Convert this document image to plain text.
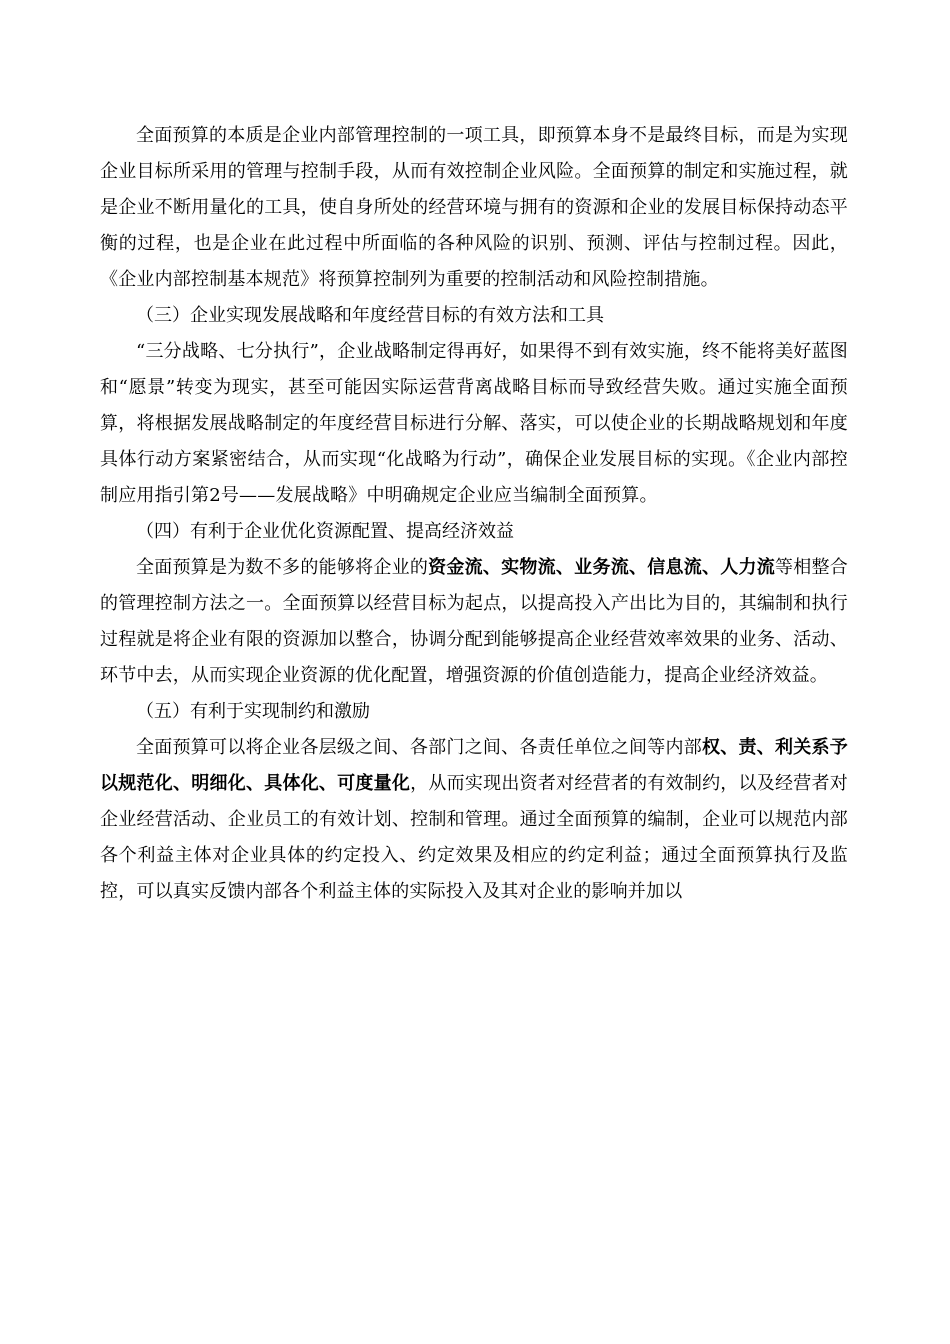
全面预算的本质是企业内部管理控制的一项工具，即预算本身不是最终目标，而是为实现企业目标所采用的管理与控制手段，从而有效控制企业风险。全面预算的制定和实施过程，就是企业不断用量化的工具，使自身所处的经营环境与拥有的资源和企业的发展目标保持动态平衡的过程，也是企业在此过程中所面临的各种风险的识别、预测、评估与控制过程。因此，《企业内部控制基本规范》将预算控制列为重要的控制活动和风险控制措施。

（三）企业实现发展战略和年度经营目标的有效方法和工具

“三分战略、七分执行”，企业战略制定得再好，如果得不到有效实施，终不能将美好蓝图和“愿景”转变为现实，甚至可能因实际运营背离战略目标而导致经营失败。通过实施全面预算，将根据发展战略制定的年度经营目标进行分解、落实，可以使企业的长期战略规划和年度具体行动方案紧密结合，从而实现“化战略为行动”，确保企业发展目标的实现。《企业内部控制应用指引第2号——发展战略》中明确规定企业应当编制全面预算。

（四）有利于企业优化资源配置、提高经济效益

全面预算是为数不多的能够将企业的资金流、实物流、业务流、信息流、人力流等相整合的管理控制方法之一。全面预算以经营目标为起点，以提高投入产出比为目的，其编制和执行过程就是将企业有限的资源加以整合，协调分配到能够提高企业经营效率效果的业务、活动、环节中去，从而实现企业资源的优化配置，增强资源的价值创造能力，提高企业经济效益。

（五）有利于实现制约和激励

全面预算可以将企业各层级之间、各部门之间、各责任单位之间等内部权、责、利关系予以规范化、明细化、具体化、可度量化，从而实现出资者对经营者的有效制约，以及经营者对企业经营活动、企业员工的有效计划、控制和管理。通过全面预算的编制，企业可以规范内部各个利益主体对企业具体的约定投入、约定效果及相应的约定利益；通过全面预算执行及监控，可以真实反馈内部各个利益主体的实际投入及其对企业的影响并加以
